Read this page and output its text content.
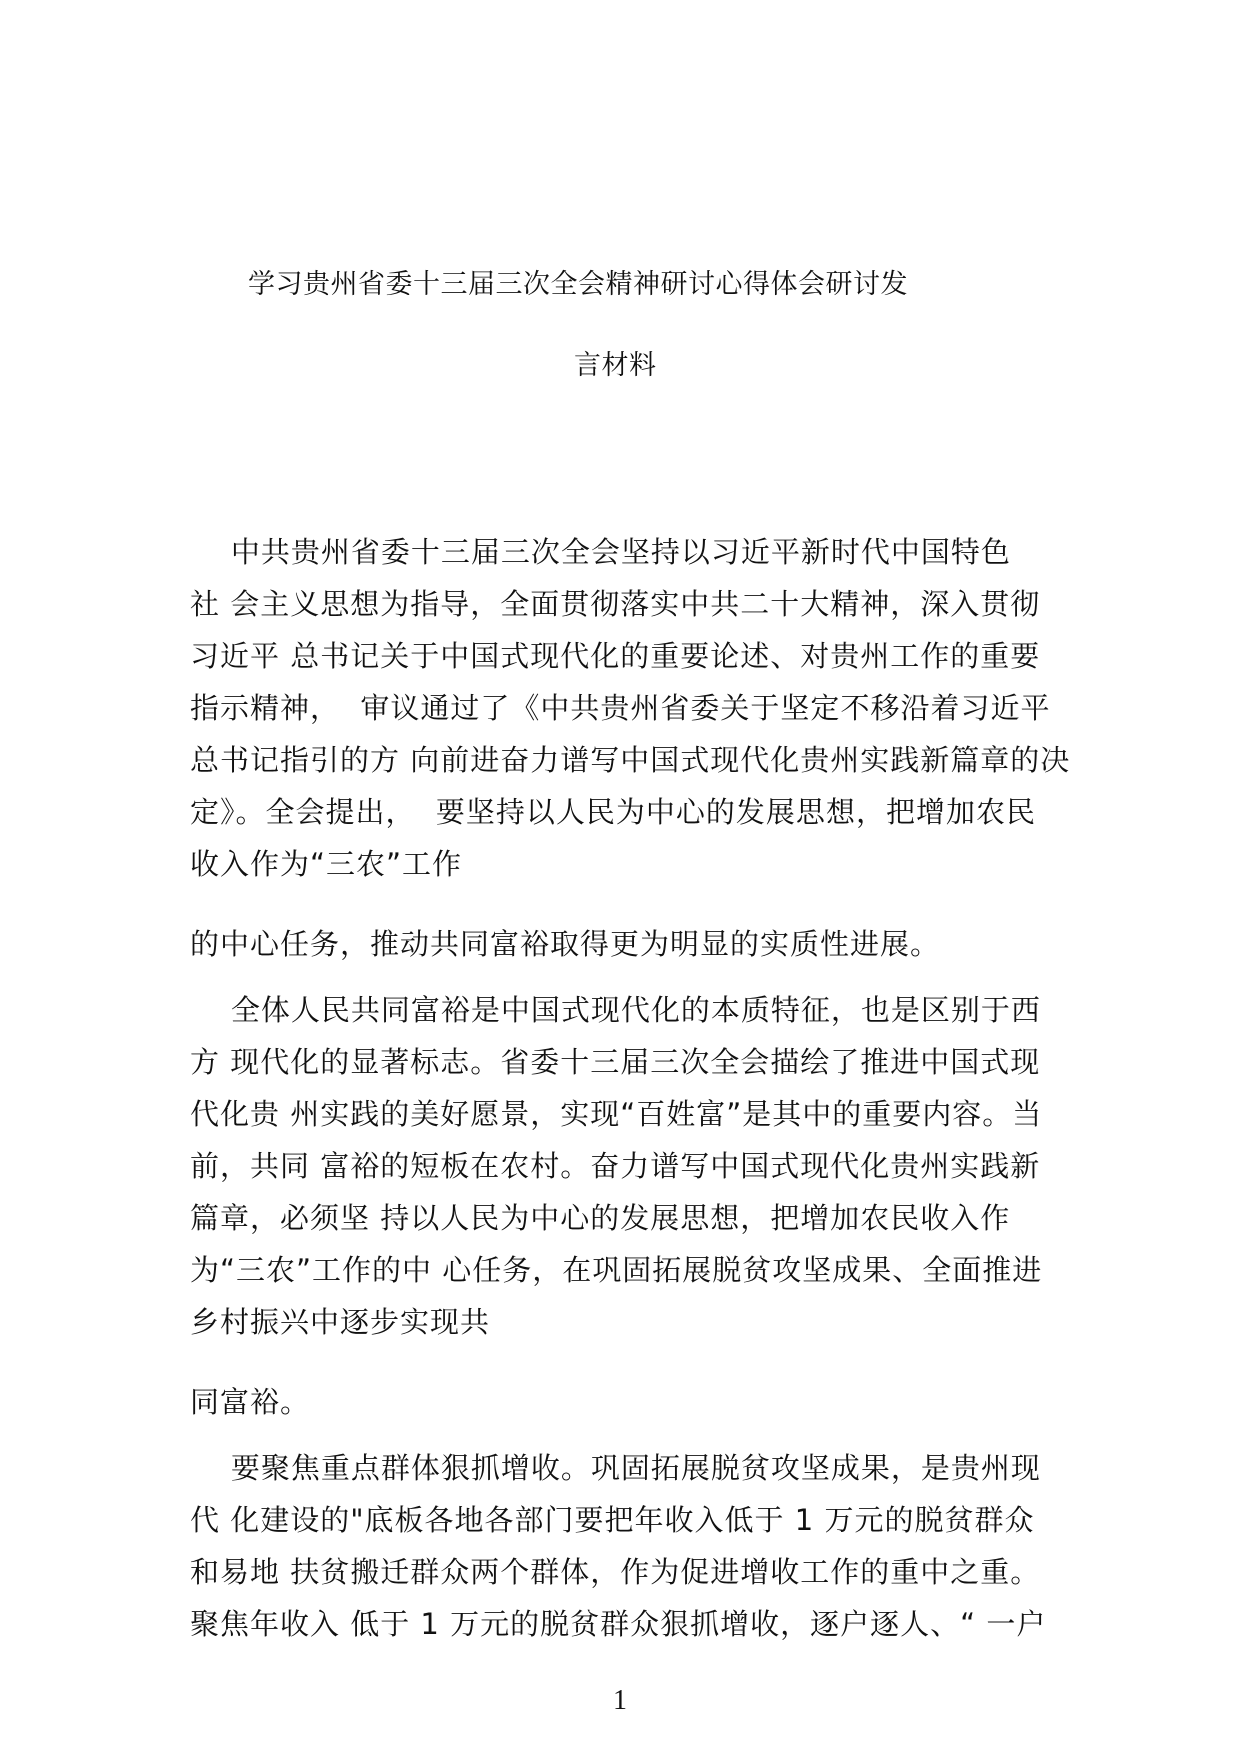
学习贵州省委十三届三次全会精神研讨心得体会研讨发
言材料
中共贵州省委十三届三次全会坚持以习近平新时代中国特色
社 会主义思想为指导，全面贯彻落实中共二十大精神，深入贯彻
习近平 总书记关于中国式现代化的重要论述、对贵州工作的重要
指示精神，  审议通过了《中共贵州省委关于坚定不移沿着习近平
总书记指引的方 向前进奋力谱写中国式现代化贵州实践新篇章的决
定》。全会提出，  要坚持以人民为中心的发展思想，把增加农民
收入作为“三农”工作
的中心任务，推动共同富裕取得更为明显的实质性进展。
全体人民共同富裕是中国式现代化的本质特征，也是区别于西
方 现代化的显著标志。省委十三届三次全会描绘了推进中国式现
代化贵 州实践的美好愿景，实现“百姓富”是其中的重要内容。当
前，共同 富裕的短板在农村。奋力谱写中国式现代化贵州实践新
篇章，必须坚 持以人民为中心的发展思想，把增加农民收入作
为“三农”工作的中 心任务，在巩固拓展脱贫攻坚成果、全面推进
乡村振兴中逐步实现共
同富裕。
要聚焦重点群体狠抓增收。巩固拓展脱贫攻坚成果，是贵州现
代 化建设的"底板各地各部门要把年收入低于 1 万元的脱贫群众
和易地 扶贫搬迁群众两个群体，作为促进增收工作的重中之重。
聚焦年收入 低于 1 万元的脱贫群众狠抓增收，逐户逐人、“ 一户
1
